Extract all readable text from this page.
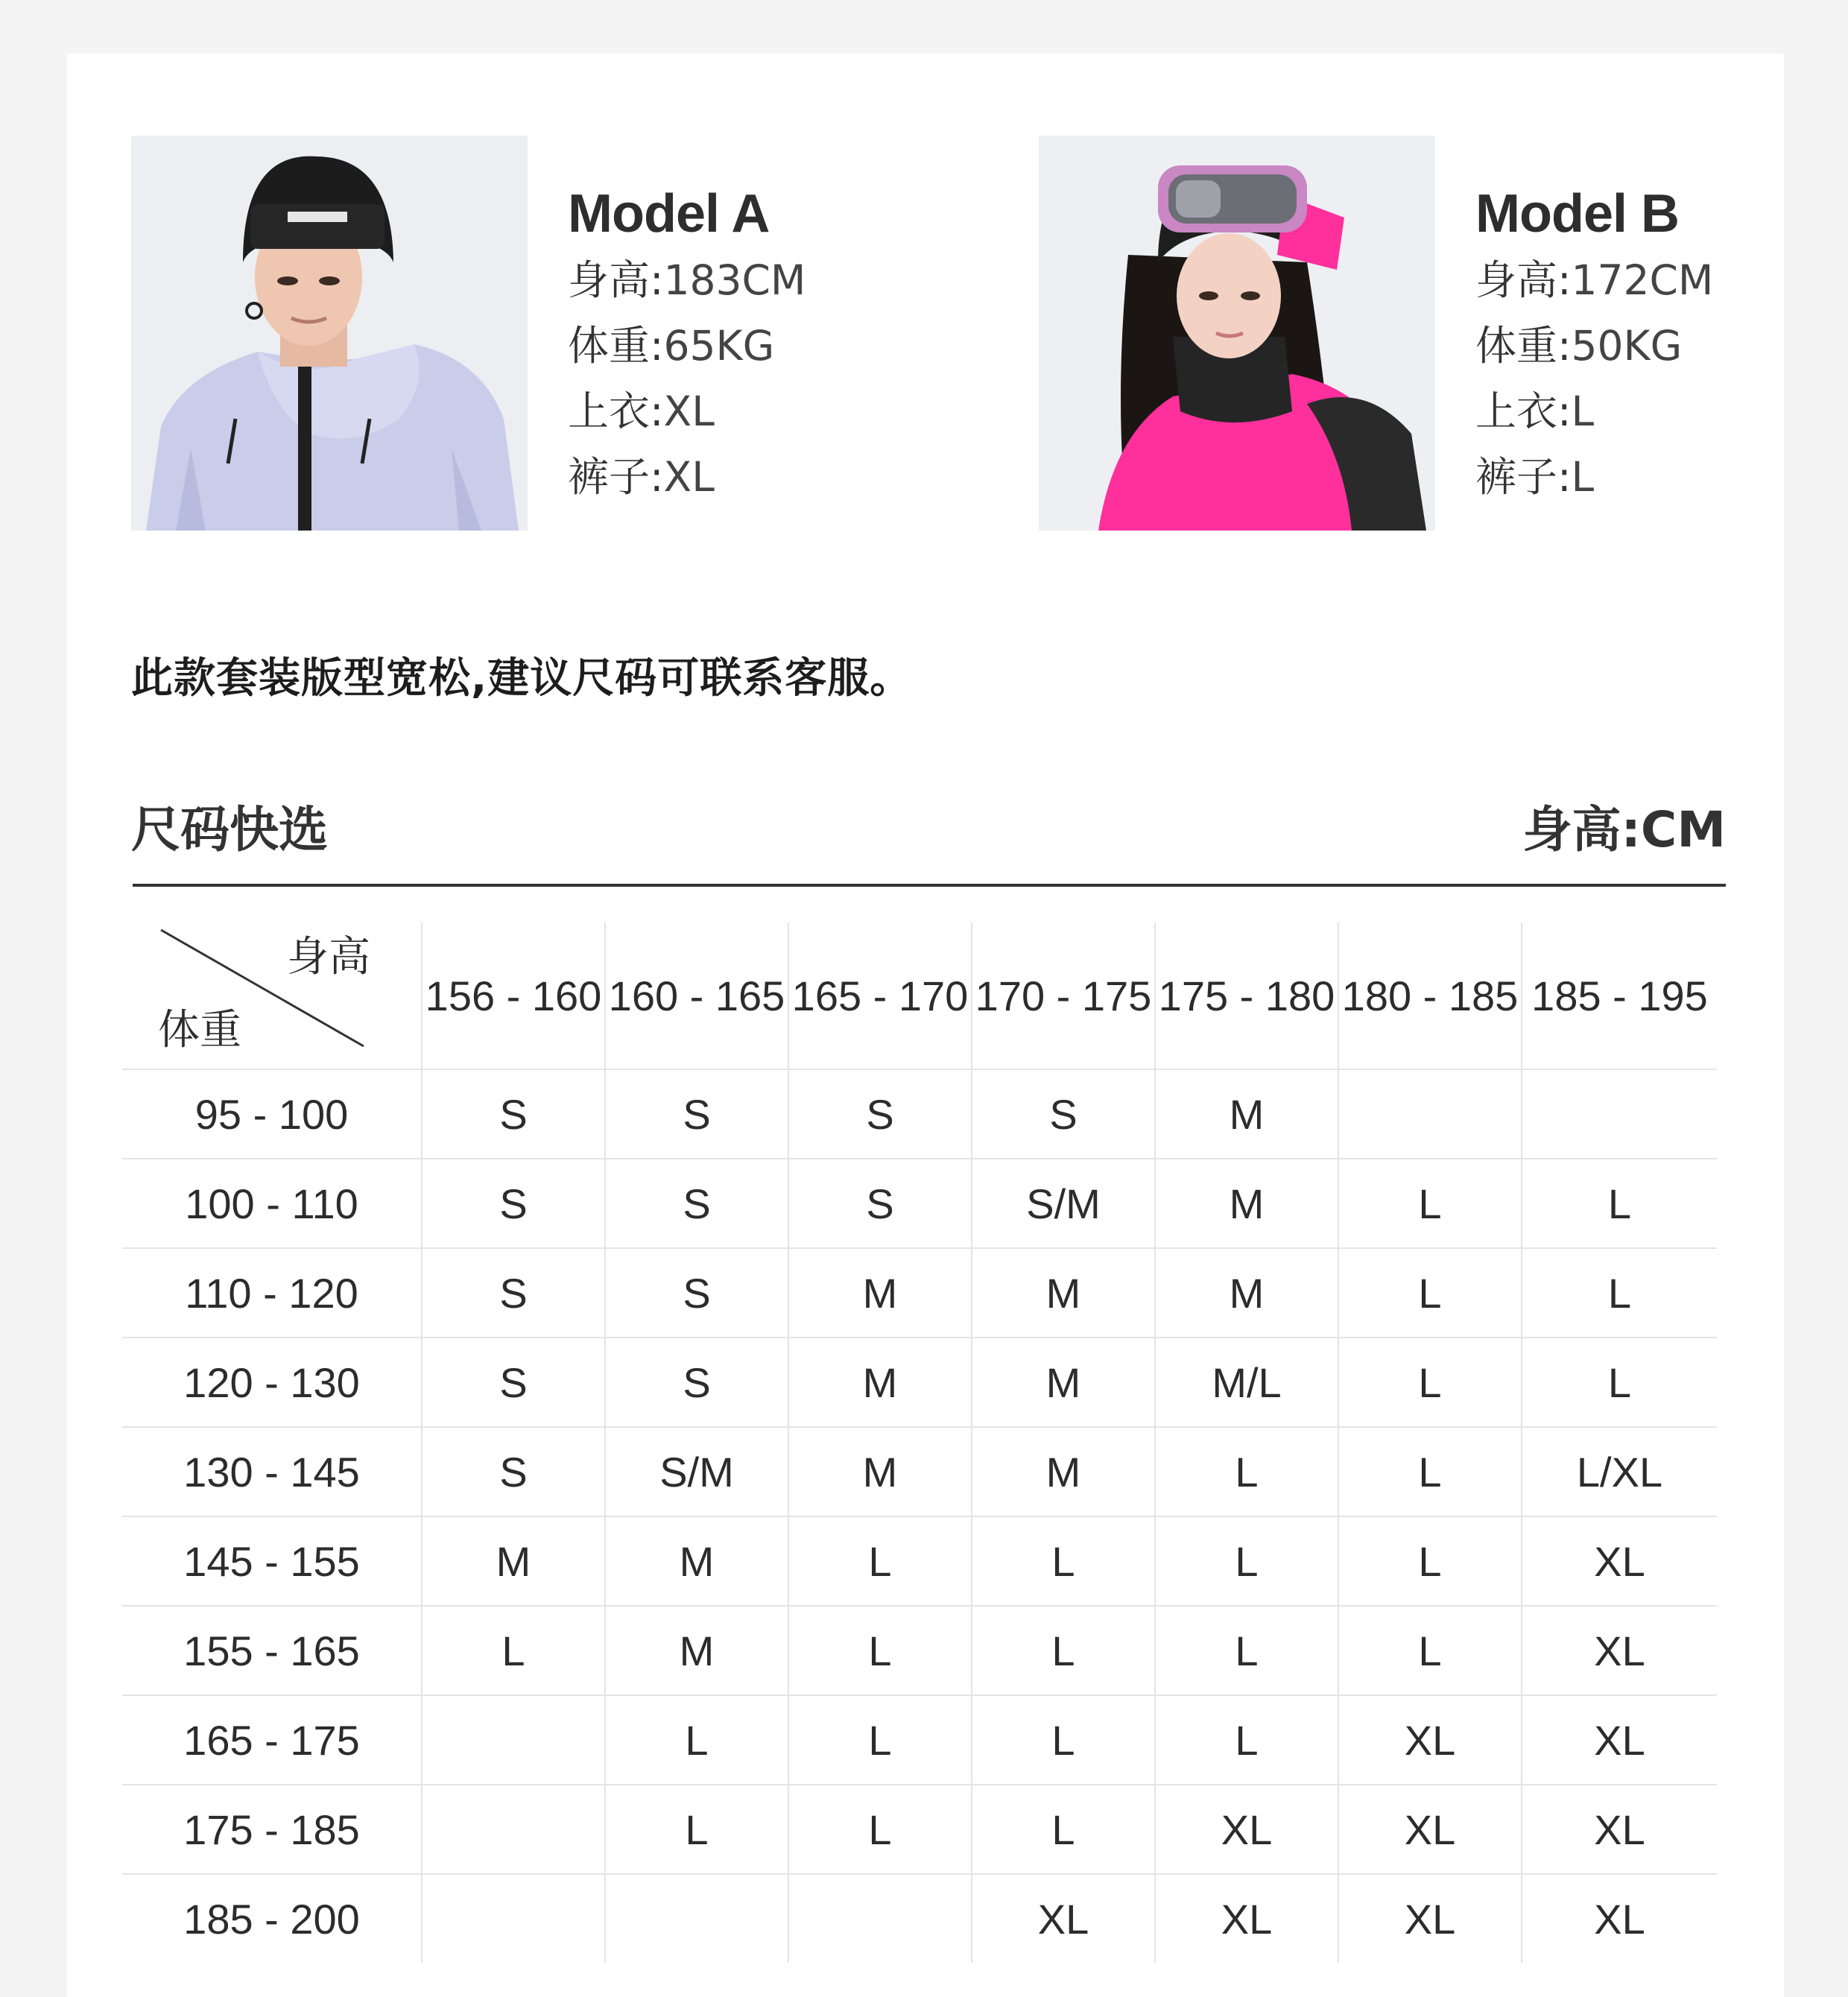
Model A
身高:183CM
体重:65KG
上衣:XL
裤子:XL
Model B
身高:172CM
体重:50KG
上衣:L
裤子:L
此款套装版型宽松,建议尺码可联系客服。
尺码快选	身高:CM
身高
体重	156 - 160	160 - 165	165 - 170	170 - 175	175 - 180	180 - 185	185 - 195
95 - 100	S	S	S	S	M		
100 - 110	S	S	S	S/M	M	L	L
110 - 120	S	S	M	M	M	L	L
120 - 130	S	S	M	M	M/L	L	L
130 - 145	S	S/M	M	M	L	L	L/XL
145 - 155	M	M	L	L	L	L	XL
155 - 165	L	M	L	L	L	L	XL
165 - 175		L	L	L	L	XL	XL
175 - 185		L	L	L	XL	XL	XL
185 - 200				XL	XL	XL	XL
